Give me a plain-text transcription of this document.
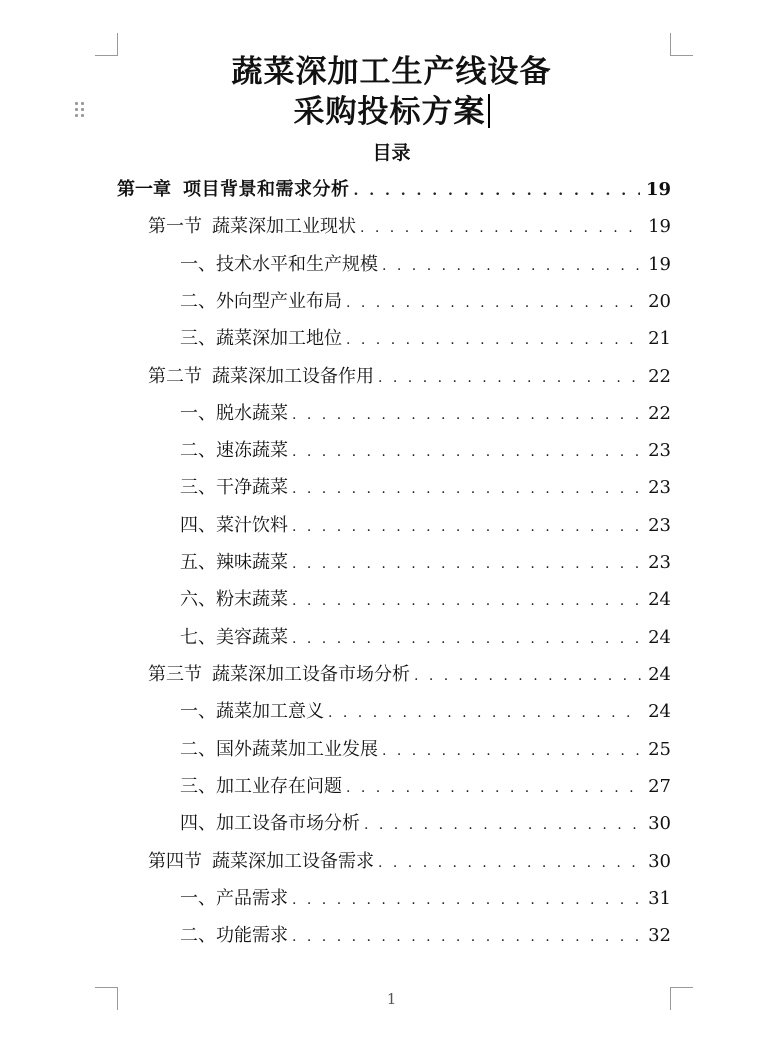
蔬菜深加工生产线设备
采购投标方案
目录
第一章 项目背景和需求分析 . . .	19
第一节 蔬菜深加工业现状 . . .	19
一、 技术水平和生产规模 . . .	19
二、 外向型产业布局 . . .	20
三、 蔬菜深加工地位 . . .	21
第二节 蔬菜深加工设备作用 . . .	22
一、 脱水蔬菜 . . .	22
二、 速冻蔬菜 . . .	23
三、 干净蔬菜 . . .	23
四、 菜汁饮料 . . .	23
五、 辣味蔬菜 . . .	23
六、 粉末蔬菜 . . .	24
七、 美容蔬菜 . . .	24
第三节 蔬菜深加工设备市场分析 . . .	24
一、 蔬菜加工意义 . . .	24
二、 国外蔬菜加工业发展 . . .	25
三、 加工业存在问题 . . .	27
四、 加工设备市场分析 . . .	30
第四节 蔬菜深加工设备需求 . . .	30
一、 产品需求 . . .	31
二、 功能需求 . . .	32
1
